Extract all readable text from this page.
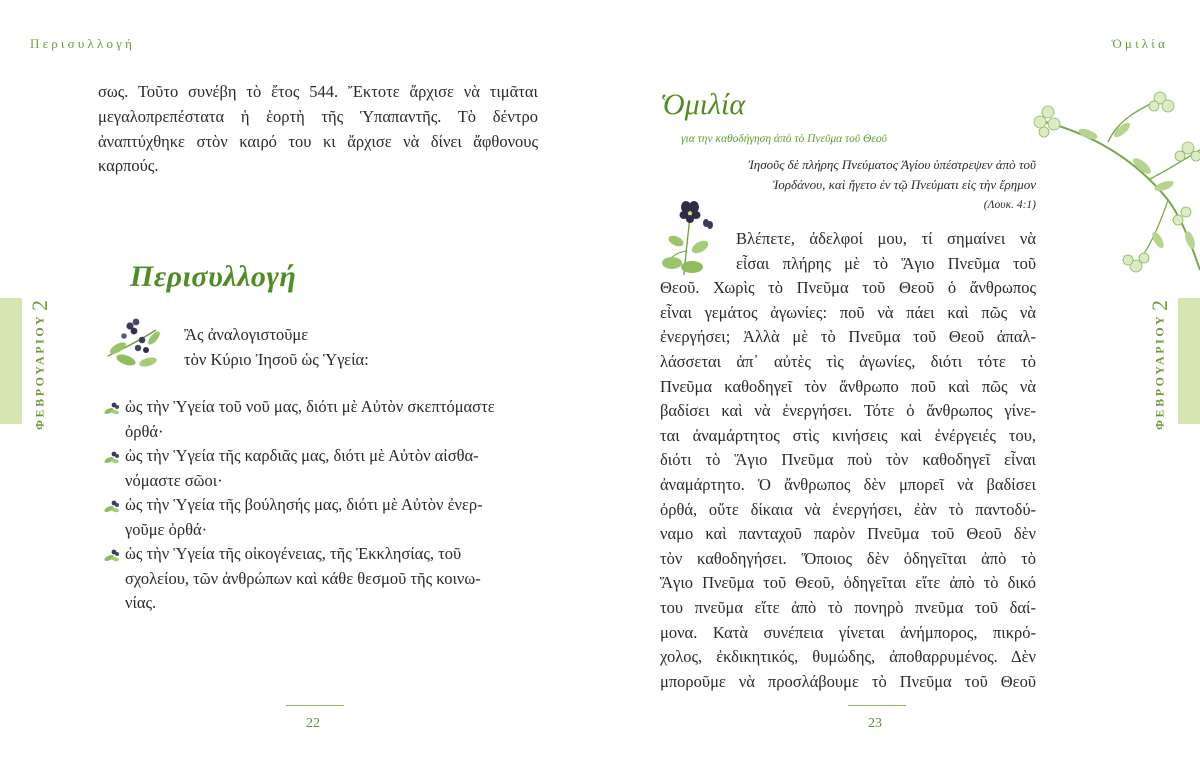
Περισυλλογή
ΦΕΒΡΟΥΑΡΙΟΥ
2

σως. Τοῦτο συνέβη τὸ ἔτος 544. Ἔκτοτε ἄρχισε νὰ τιμᾶται μεγαλοπρεπέστατα ἡ ἑορτὴ τῆς Ὑπαπαντῆς. Τὸ δέντρο ἀναπτύχθηκε στὸν καιρό του κι ἄρχισε νὰ δίνει ἄφθονους καρπούς.

Περισυλλογή

Ἂς ἀναλογιστοῦμε
τὸν Κύριο Ἰησοῦ ὡς Ὑγεία:

ὡς τὴν Ὑγεία τοῦ νοῦ μας, διότι μὲ Αὐτὸν σκεπτόμαστε
ὀρθά·
ὡς τὴν Ὑγεία τῆς καρδιᾶς μας, διότι μὲ Αὐτὸν αἰσθα-
νόμαστε σῶοι·
ὡς τὴν Ὑγεία τῆς βούλησής μας, διότι μὲ Αὐτὸν ἐνερ-
γοῦμε ὀρθά·
ὡς τὴν Ὑγεία τῆς οἰκογένειας, τῆς Ἐκκλησίας, τοῦ
σχολείου, τῶν ἀνθρώπων καὶ κάθε θεσμοῦ τῆς κοινω-
νίας.
22
Ὁμιλία
Ὁμιλία
για την καθοδήγηση ἀπὸ τὸ Πνεῦμα τοῦ Θεοῦ

Ἰησοῦς δὲ πλήρης Πνεύματος Ἁγίου ὑπέστρεψεν ἀπὸ τοῦ
Ἰορδάνου, καὶ ἤγετο ἐν τῷ Πνεύματι εἰς τὴν ἔρημον
(Λουκ. 4:1)

Βλέπετε, ἀδελφοί μου, τί σημαίνει νὰ
εἶσαι πλήρης μὲ τὸ Ἅγιο Πνεῦμα τοῦ
Θεοῦ. Χωρὶς τὸ Πνεῦμα τοῦ Θεοῦ ὁ ἄνθρωπος
εἶναι γεμάτος ἀγωνίες: ποῦ νὰ πάει καὶ πῶς νὰ
ἐνεργήσει; Ἀλλὰ μὲ τὸ Πνεῦμα τοῦ Θεοῦ ἀπαλ-
λάσσεται ἀπ᾽ αὐτὲς τὶς ἀγωνίες, διότι τότε τὸ
Πνεῦμα καθοδηγεῖ τὸν ἄνθρωπο ποῦ καὶ πῶς νὰ
βαδίσει καὶ νὰ ἐνεργήσει. Τότε ὁ ἄνθρωπος γίνε-
ται ἀναμάρτητος στὶς κινήσεις καὶ ἐνέργειές του,
διότι τὸ Ἅγιο Πνεῦμα ποὺ τὸν καθοδηγεῖ εἶναι
ἀναμάρτητο. Ὁ ἄνθρωπος δὲν μπορεῖ νὰ βαδίσει
ὀρθά, οὔτε δίκαια νὰ ἐνεργήσει, ἐὰν τὸ παντοδύ-
ναμο καὶ πανταχοῦ παρὸν Πνεῦμα τοῦ Θεοῦ δὲν
τὸν καθοδηγήσει. Ὅποιος δὲν ὁδηγεῖται ἀπὸ τὸ
Ἅγιο Πνεῦμα τοῦ Θεοῦ, ὁδηγεῖται εἴτε ἀπὸ τὸ δικό
του πνεῦμα εἴτε ἀπὸ τὸ πονηρὸ πνεῦμα τοῦ δαί-
μονα. Κατὰ συνέπεια γίνεται ἀνήμπορος, πικρό-
χολος, ἐκδικητικός, θυμώδης, ἀποθαρρυμένος. Δὲν
μποροῦμε νὰ προσλάβουμε τὸ Πνεῦμα τοῦ Θεοῦ

ΦΕΒΡΟΥΑΡΙΟΥ
2
23
